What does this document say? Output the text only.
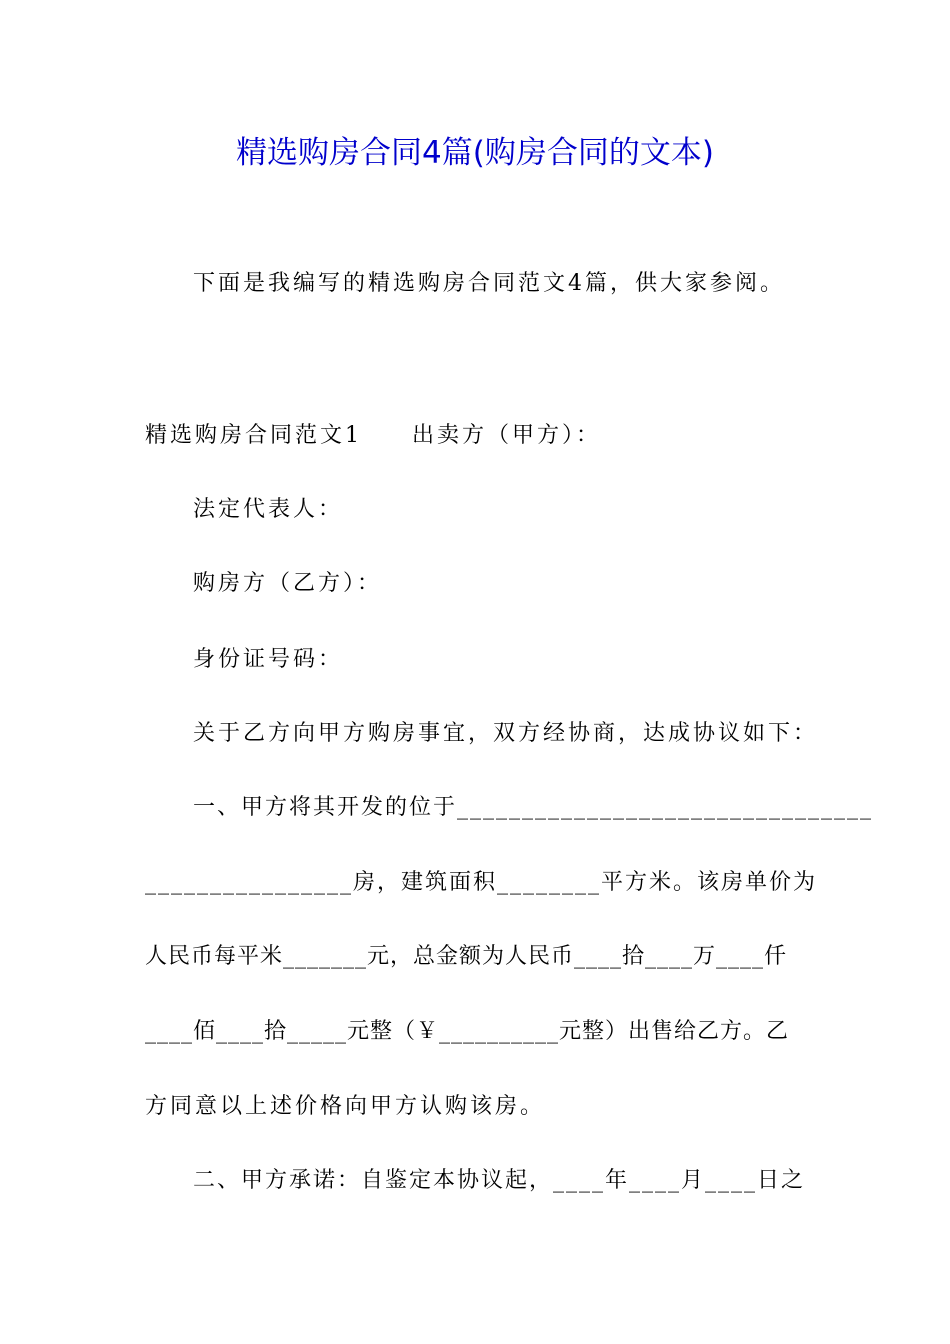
精选购房合同4篇(购房合同的文本)
下面是我编写的精选购房合同范文4篇，供大家参阅。
精选购房合同范文1 出卖方（甲方）：
法定代表人：
购房方（乙方）：
身份证号码：
关于乙方向甲方购房事宜，双方经协商，达成协议如下：
一、甲方将其开发的位于________________________________
________________房，建筑面积________平方米。该房单价为
人民币每平米_______元，总金额为人民币____拾____万____仟
____佰____拾_____元整（￥__________元整）出售给乙方。乙
方同意以上述价格向甲方认购该房。
二、甲方承诺：自鉴定本协议起，____年____月____日之
